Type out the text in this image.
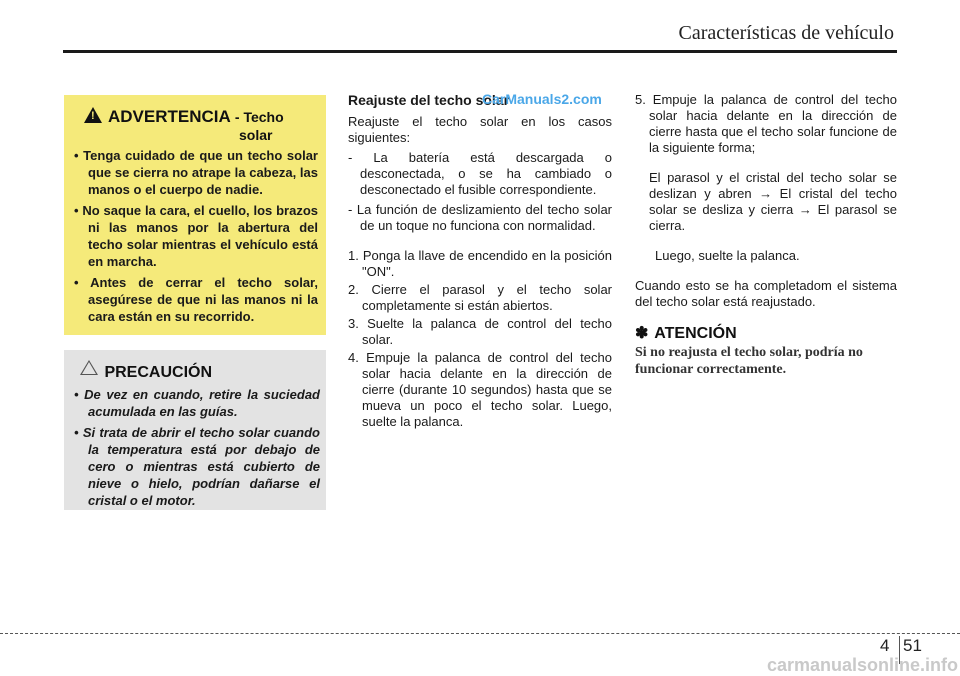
Características de vehículo
!ADVERTENCIA - Techo
solar
• Tenga cuidado de que un techo solar que se cierra no atrape la cabeza, las manos o el cuerpo de nadie.
• No saque la cara, el cuello, los brazos ni las manos por la abertura del techo solar mientras el vehículo está en marcha.
• Antes de cerrar el techo solar, asegúrese de que ni las manos ni la cara están en su recorrido.
PRECAUCIÓN
• De vez en cuando, retire la suciedad acumulada en las guías.
• Si trata de abrir el techo solar cuando la temperatura está por debajo de cero o mientras está cubierto de nieve o hielo, podrían dañarse el cristal o el motor.
Reajuste del techo solar

Reajuste el techo solar en los casos siguientes:

- La batería está descargada o desconectada, o se ha cambiado o desconectado el fusible correspondiente.
- La función de deslizamiento del techo solar de un toque no funciona con normalidad.
1. Ponga la llave de encendido en la posición "ON".
2. Cierre el parasol y el techo solar completamente si están abiertos.
3. Suelte la palanca de control del techo solar.
4. Empuje la palanca de control del techo solar hacia delante en la dirección de cierre (durante 10 segundos) hasta que se mueva un poco el techo solar. Luego, suelte la palanca.
CarManuals2.com	5. Empuje la palanca de control del techo solar hacia delante en la dirección de cierre hasta que el techo solar funcione de la siguiente forma;

El parasol y el cristal del techo solar se deslizan y abren → El cristal del techo solar se desliza y cierra → El parasol se cierra.

Luego, suelte la palanca.

Cuando esto se ha completadom el sistema del techo solar está reajustado.

✽ ATENCIÓN
Si no reajusta el techo solar, podría no funcionar correctamente.
4 51
carmanualsonline.info
